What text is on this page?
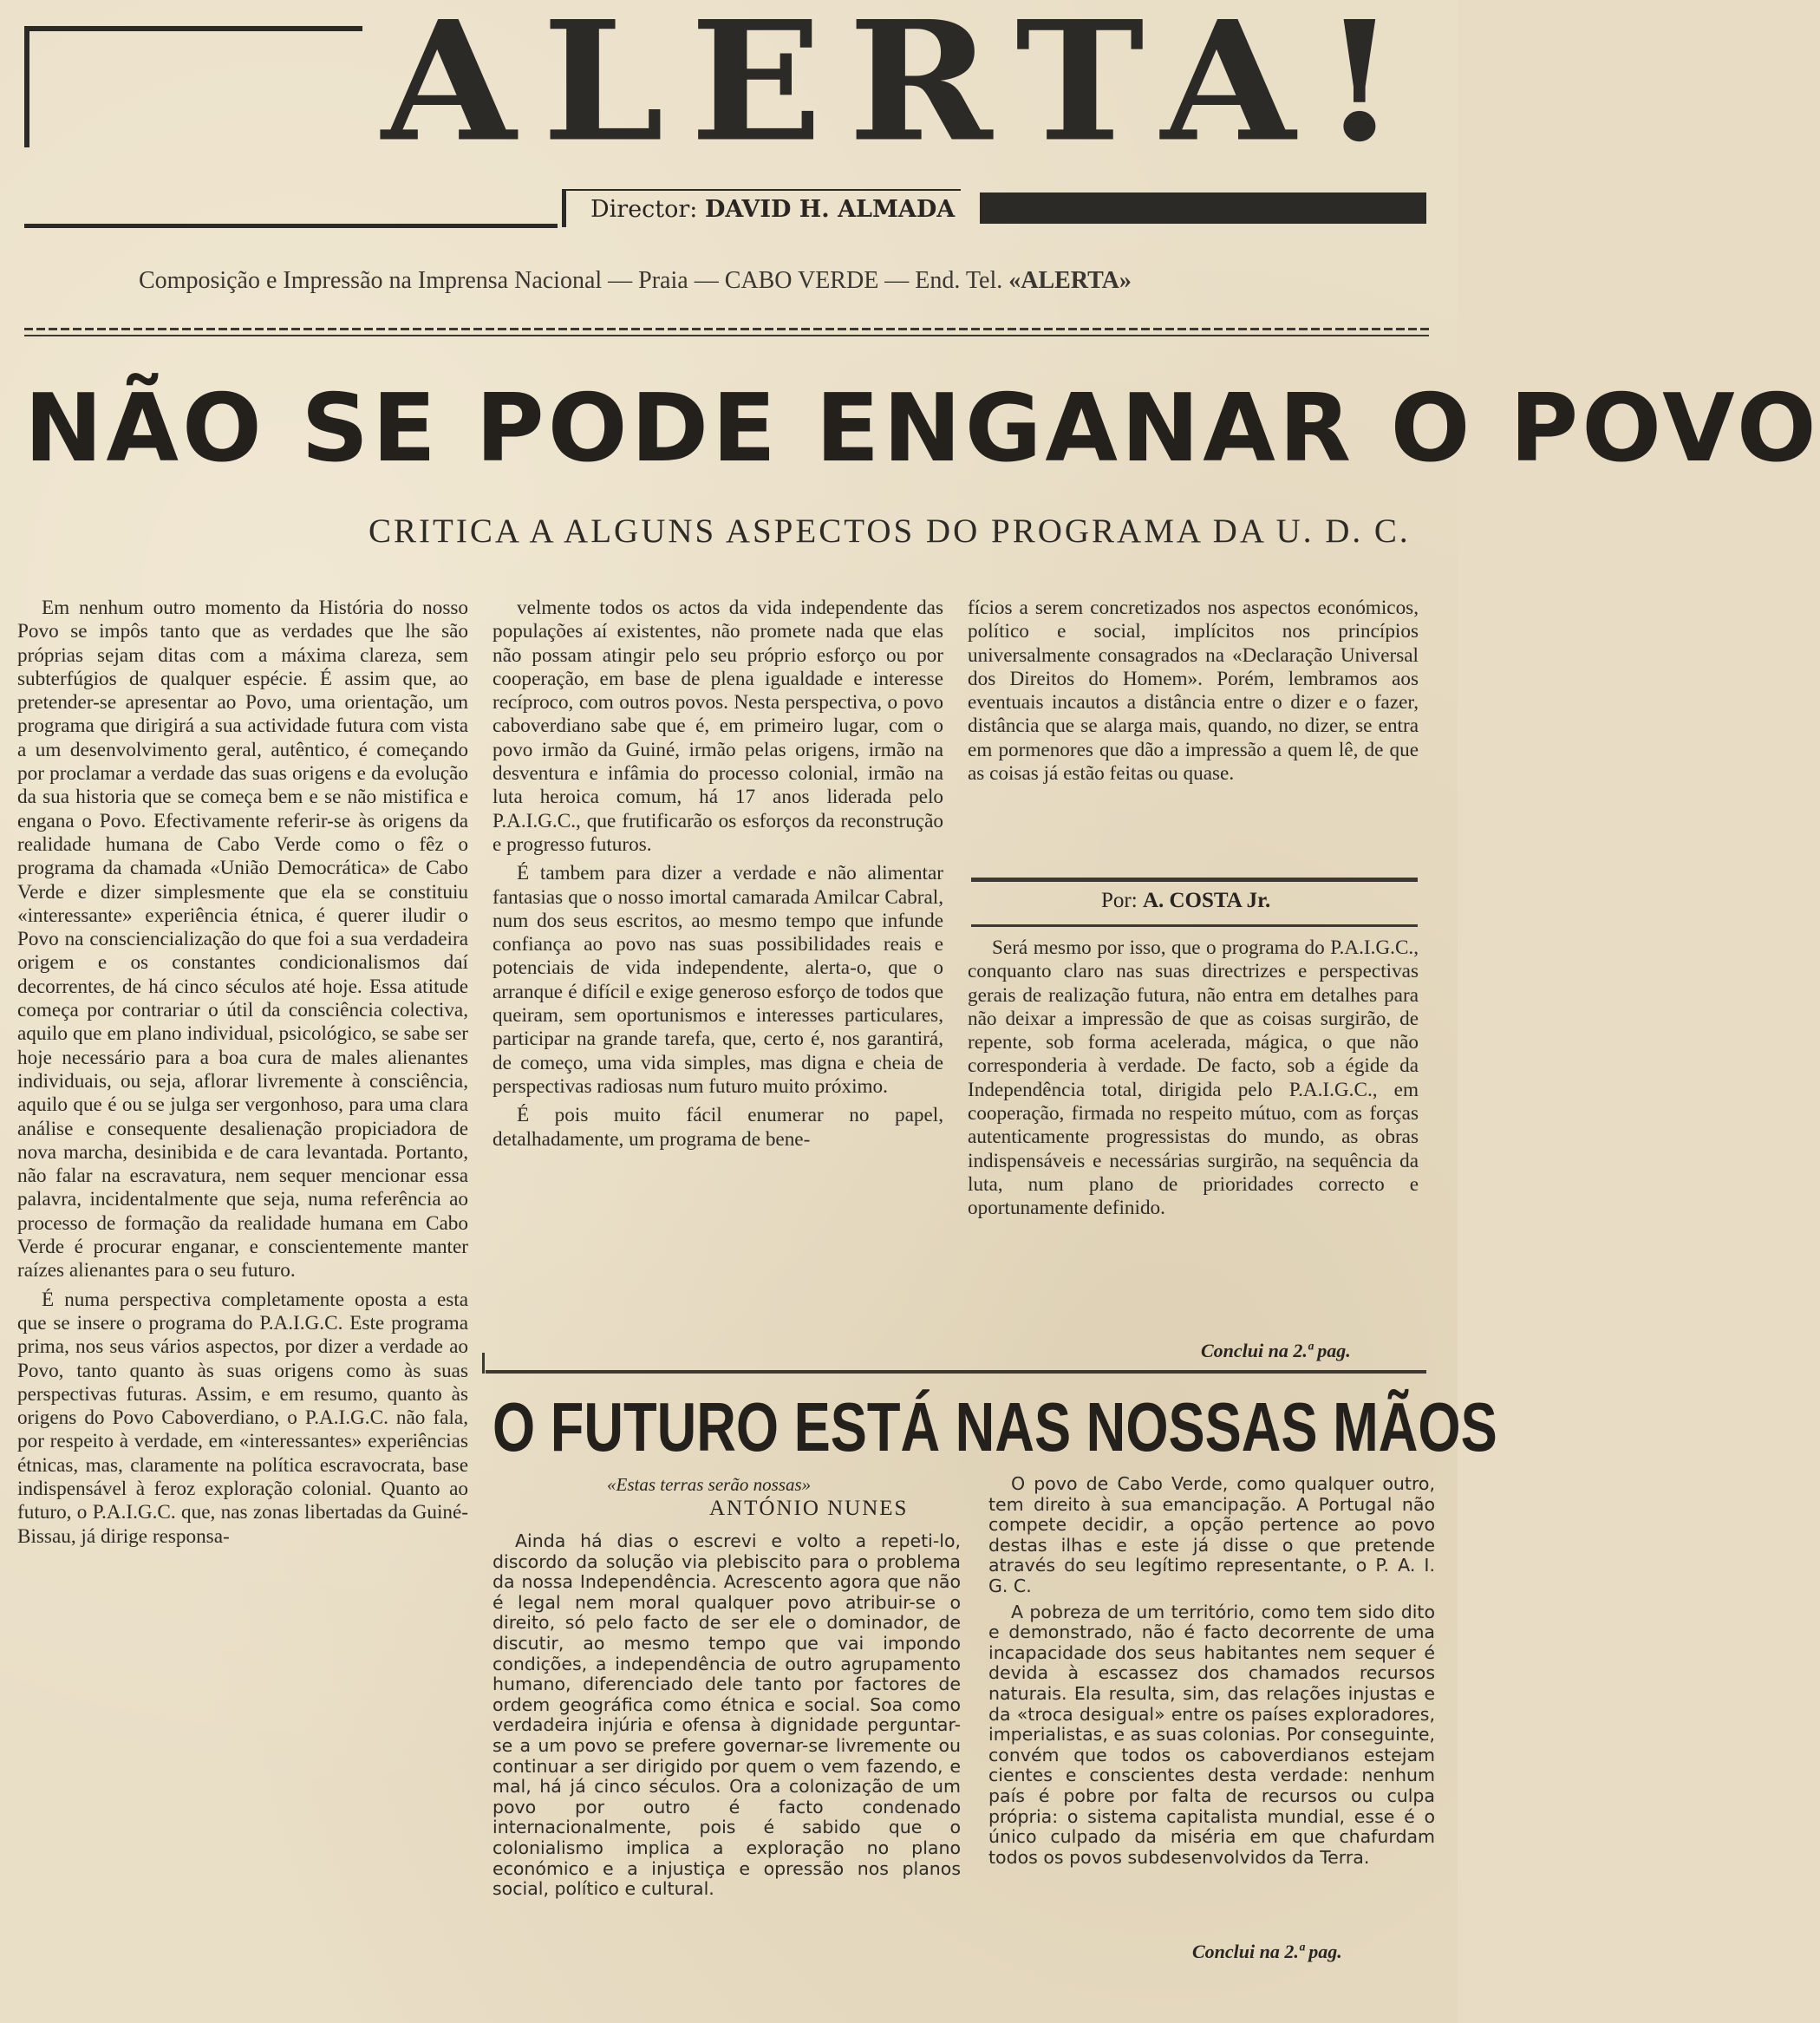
ALERTA!
Director: DAVID H. ALMADA
Composição e Impressão na Imprensa Nacional — Praia — CABO VERDE — End. Tel. «ALERTA»
NÃO SE PODE ENGANAR O POVO
CRITICA A ALGUNS ASPECTOS DO PROGRAMA DA U. D. C.

Em nenhum outro momento da História do nosso Povo se impôs tanto que as verdades que lhe são próprias sejam ditas com a máxima clareza, sem subterfúgios de qualquer espécie. É assim que, ao pretender-se apresentar ao Povo, uma orientação, um programa que dirigirá a sua actividade futura com vista a um desenvolvimento geral, autêntico, é começando por proclamar a verdade das suas origens e da evolução da sua historia que se começa bem e se não mistifica e engana o Povo. Efectivamente referir-se às origens da realidade humana de Cabo Verde como o fêz o programa da chamada «União Democrática» de Cabo Verde e dizer simplesmente que ela se constituiu «interessante» experiência étnica, é querer iludir o Povo na consciencialização do que foi a sua verdadeira origem e os constantes condicionalismos daí decorrentes, de há cinco séculos até hoje. Essa atitude começa por contrariar o útil da consciência colectiva, aquilo que em plano individual, psicológico, se sabe ser hoje necessário para a boa cura de males alienantes individuais, ou seja, aflorar livremente à consciência, aquilo que é ou se julga ser vergonhoso, para uma clara análise e consequente desalienação propiciadora de nova marcha, desinibida e de cara levantada. Portanto, não falar na escravatura, nem sequer mencionar essa palavra, incidentalmente que seja, numa referência ao processo de formação da realidade humana em Cabo Verde é procurar enganar, e conscientemente manter raízes alienantes para o seu futuro.

É numa perspectiva completamente oposta a esta que se insere o programa do P.A.I.G.C. Este programa prima, nos seus vários aspectos, por dizer a verdade ao Povo, tanto quanto às suas origens como às suas perspectivas futuras. Assim, e em resumo, quanto às origens do Povo Caboverdiano, o P.A.I.G.C. não fala, por respeito à verdade, em «interessantes» experiências étnicas, mas, claramente na política escravocrata, base indispensável à feroz exploração colonial. Quanto ao futuro, o P.A.I.G.C. que, nas zonas libertadas da Guiné-Bissau, já dirige responsa-

velmente todos os actos da vida independente das populações aí existentes, não promete nada que elas não possam atingir pelo seu próprio esforço ou por cooperação, em base de plena igualdade e interesse recíproco, com outros povos. Nesta perspectiva, o povo caboverdiano sabe que é, em primeiro lugar, com o povo irmão da Guiné, irmão pelas origens, irmão na desventura e infâmia do processo colonial, irmão na luta heroica comum, há 17 anos liderada pelo P.A.I.G.C., que frutificarão os esforços da reconstrução e progresso futuros.

É tambem para dizer a verdade e não alimentar fantasias que o nosso imortal camarada Amilcar Cabral, num dos seus escritos, ao mesmo tempo que infunde confiança ao povo nas suas possibilidades reais e potenciais de vida independente, alerta-o, que o arranque é difícil e exige generoso esforço de todos que queiram, sem oportunismos e interesses particulares, participar na grande tarefa, que, certo é, nos garantirá, de começo, uma vida simples, mas digna e cheia de perspectivas radiosas num futuro muito próximo.

É pois muito fácil enumerar no papel, detalhadamente, um programa de bene-

fícios a serem concretizados nos aspectos económicos, político e social, implícitos nos princípios universalmente consagrados na «Declaração Universal dos Direitos do Homem». Porém, lembramos aos eventuais incautos a distância entre o dizer e o fazer, distância que se alarga mais, quando, no dizer, se entra em pormenores que dão a impressão a quem lê, de que as coisas já estão feitas ou quase.

Por: A. COSTA Jr.

Será mesmo por isso, que o programa do P.A.I.G.C., conquanto claro nas suas directrizes e perspectivas gerais de realização futura, não entra em detalhes para não deixar a impressão de que as coisas surgirão, de repente, sob forma acelerada, mágica, o que não corresponderia à verdade. De facto, sob a égide da Independência total, dirigida pelo P.A.I.G.C., em cooperação, firmada no respeito mútuo, com as forças autenticamente progressistas do mundo, as obras indispensáveis e necessárias surgirão, na sequência da luta, num plano de prioridades correcto e oportunamente definido.

Conclui na 2.ª pag.
O FUTURO ESTÁ NAS NOSSAS MÃOS
«Estas terras serão nossas»
ANTÓNIO NUNES

Ainda há dias o escrevi e volto a repeti-lo, discordo da solução via plebiscito para o problema da nossa Independência. Acrescento agora que não é legal nem moral qualquer povo atribuir-se o direito, só pelo facto de ser ele o dominador, de discutir, ao mesmo tempo que vai impondo condições, a independência de outro agrupamento humano, diferenciado dele tanto por factores de ordem geográfica como étnica e social. Soa como verdadeira injúria e ofensa à dignidade perguntar-se a um povo se prefere governar-se livremente ou continuar a ser dirigido por quem o vem fazendo, e mal, há já cinco séculos. Ora a colonização de um povo por outro é facto condenado internacionalmente, pois é sabido que o colonialismo implica a exploração no plano económico e a injustiça e opressão nos planos social, político e cultural.

O povo de Cabo Verde, como qualquer outro, tem direito à sua emancipação. A Portugal não compete decidir, a opção pertence ao povo destas ilhas e este já disse o que pretende através do seu legítimo representante, o P. A. I. G. C.

A pobreza de um território, como tem sido dito e demonstrado, não é facto decorrente de uma incapacidade dos seus habitantes nem sequer é devida à escassez dos chamados recursos naturais. Ela resulta, sim, das relações injustas e da «troca desigual» entre os países exploradores, imperialistas, e as suas colonias. Por conseguinte, convém que todos os caboverdianos estejam cientes e conscientes desta verdade: nenhum país é pobre por falta de recursos ou culpa própria: o sistema capitalista mundial, esse é o único culpado da miséria em que chafurdam todos os povos subdesenvolvidos da Terra.

Conclui na 2.ª pag.
